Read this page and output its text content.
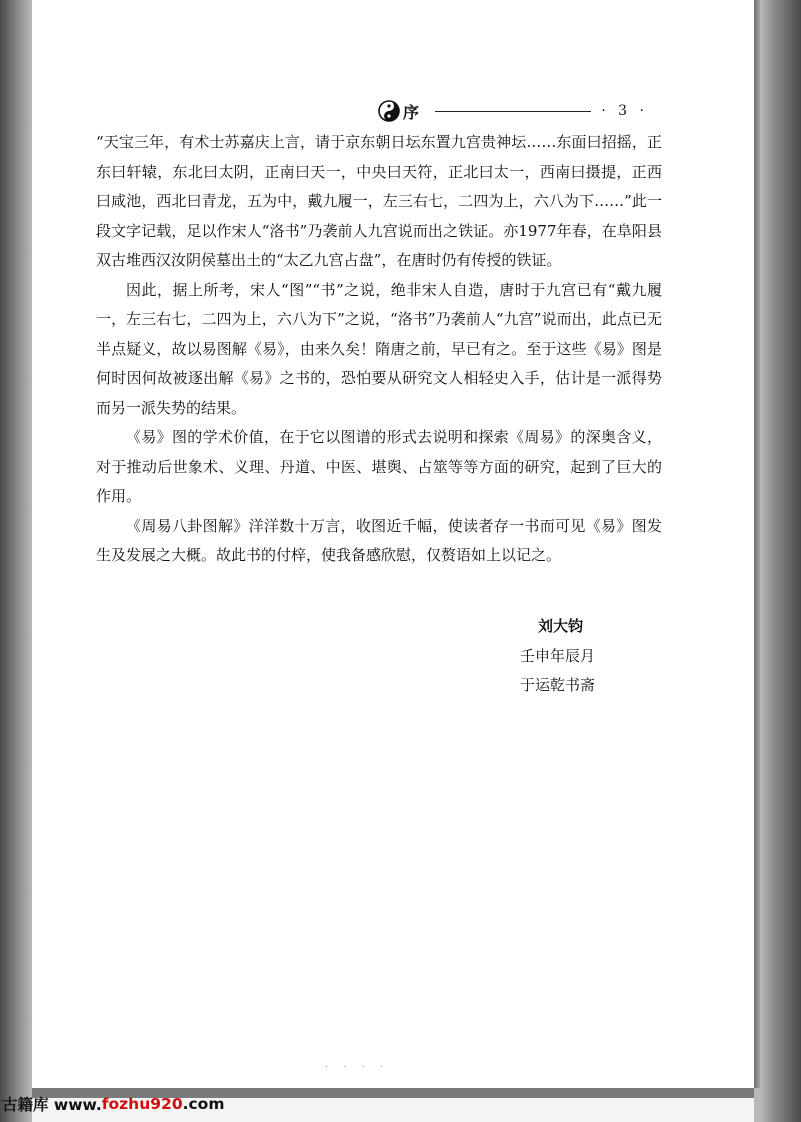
序	· 3 ·

“天宝三年，有术士苏嘉庆上言，请于京东朝日坛东置九宫贵神坛……东面曰招摇，正东曰轩辕，东北曰太阴，正南曰天一，中央曰天符，正北曰太一，西南曰摄提，正西曰咸池，西北曰青龙，五为中，戴九履一，左三右七，二四为上，六八为下……”此一段文字记载，足以作宋人“洛书”乃袭前人九宫说而出之铁证。亦1977年春，在阜阳县双古堆西汉汝阴侯墓出土的“太乙九宫占盘”，在唐时仍有传授的铁证。

因此，据上所考，宋人“图”“书”之说，绝非宋人自造，唐时于九宫已有“戴九履一，左三右七，二四为上，六八为下”之说，“洛书”乃袭前人“九宫”说而出，此点已无半点疑义，故以易图解《易》，由来久矣！隋唐之前，早已有之。至于这些《易》图是何时因何故被逐出解《易》之书的，恐怕要从研究文人相轻史入手，估计是一派得势而另一派失势的结果。

《易》图的学术价值，在于它以图谱的形式去说明和探索《周易》的深奥含义，对于推动后世象术、义理、丹道、中医、堪舆、占筮等等方面的研究，起到了巨大的作用。

《周易八卦图解》洋洋数十万言，收图近千幅，使读者存一书而可见《易》图发生及发展之大概。故此书的付梓，使我备感欣慰，仅赘语如上以记之。

刘大钧
壬申年辰月
于运乾书斋
· · · ·
古籍库 www. fozhu920 .com
